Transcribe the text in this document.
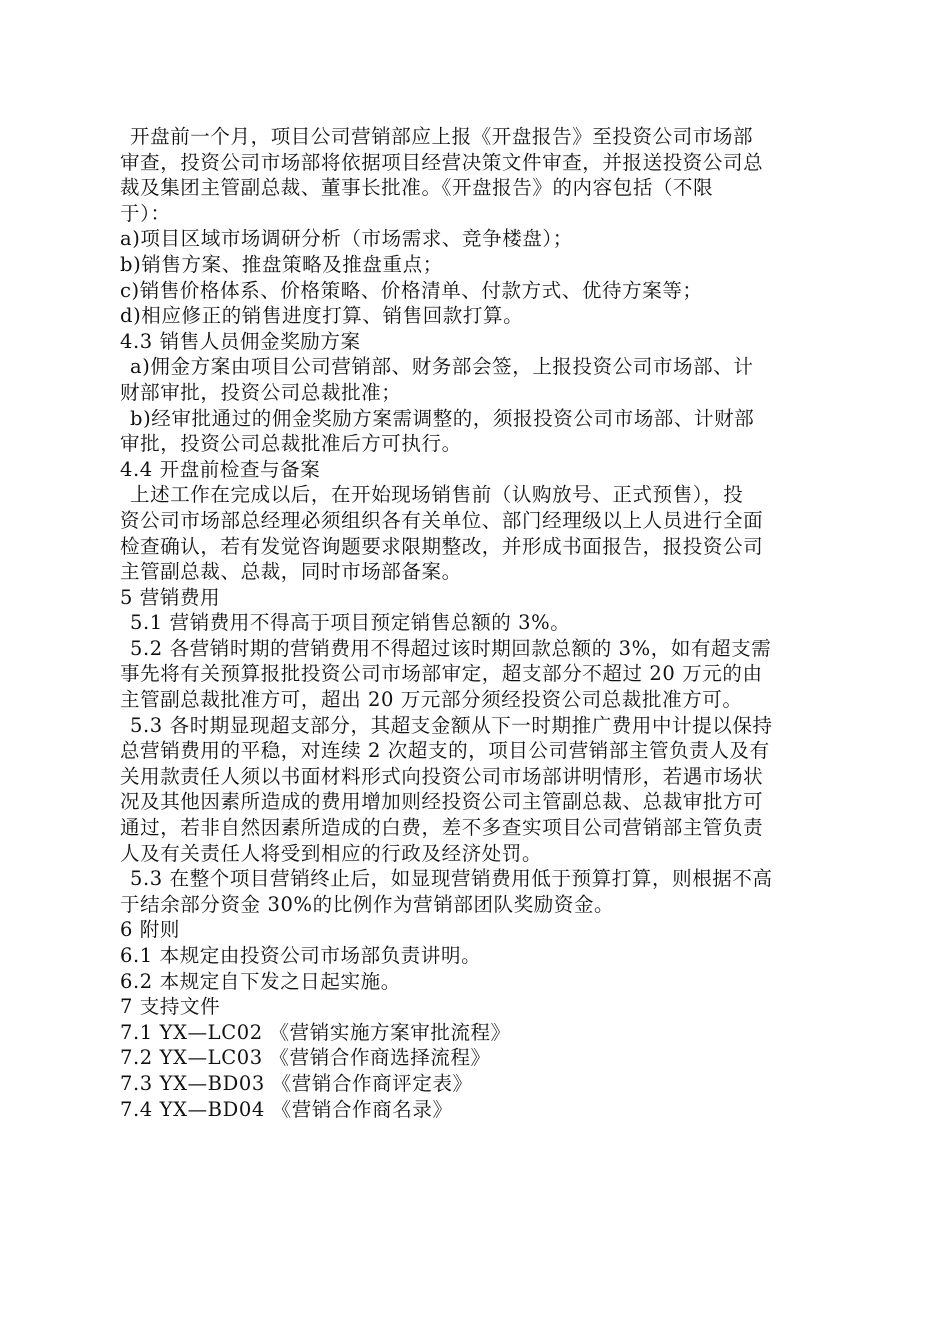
开盘前一个月，项目公司营销部应上报《开盘报告》至投资公司市场部
审查，投资公司市场部将依据项目经营决策文件审查，并报送投资公司总
裁及集团主管副总裁、董事长批准。《开盘报告》的内容包括（不限
于）：

a)项目区域市场调研分析（市场需求、竞争楼盘）；

b)销售方案、推盘策略及推盘重点；

c)销售价格体系、价格策略、价格清单、付款方式、优待方案等；

d)相应修正的销售进度打算、销售回款打算。

4.3 销售人员佣金奖励方案

a)佣金方案由项目公司营销部、财务部会签，上报投资公司市场部、计
财部审批，投资公司总裁批准；
b)经审批通过的佣金奖励方案需调整的，须报投资公司市场部、计财部
审批，投资公司总裁批准后方可执行。

4.4 开盘前检查与备案

上述工作在完成以后，在开始现场销售前（认购放号、正式预售），投
资公司市场部总经理必须组织各有关单位、部门经理级以上人员进行全面
检查确认，若有发觉咨询题要求限期整改，并形成书面报告，报投资公司
主管副总裁、总裁，同时市场部备案。

5 营销费用

5.1 营销费用不得高于项目预定销售总额的 3%。
5.2 各营销时期的营销费用不得超过该时期回款总额的 3%，如有超支需
事先将有关预算报批投资公司市场部审定，超支部分不超过 20 万元的由
主管副总裁批准方可，超出 20 万元部分须经投资公司总裁批准方可。
5.3 各时期显现超支部分，其超支金额从下一时期推广费用中计提以保持
总营销费用的平稳，对连续 2 次超支的，项目公司营销部主管负责人及有
关用款责任人须以书面材料形式向投资公司市场部讲明情形，若遇市场状
况及其他因素所造成的费用增加则经投资公司主管副总裁、总裁审批方可
通过，若非自然因素所造成的白费，差不多查实项目公司营销部主管负责
人及有关责任人将受到相应的行政及经济处罚。
5.3 在整个项目营销终止后，如显现营销费用低于预算打算，则根据不高
于结余部分资金 30%的比例作为营销部团队奖励资金。

6 附则

6.1 本规定由投资公司市场部负责讲明。

6.2 本规定自下发之日起实施。

7 支持文件

7.1 YX—LC02 《营销实施方案审批流程》

7.2 YX—LC03 《营销合作商选择流程》

7.3 YX—BD03 《营销合作商评定表》

7.4 YX—BD04 《营销合作商名录》
